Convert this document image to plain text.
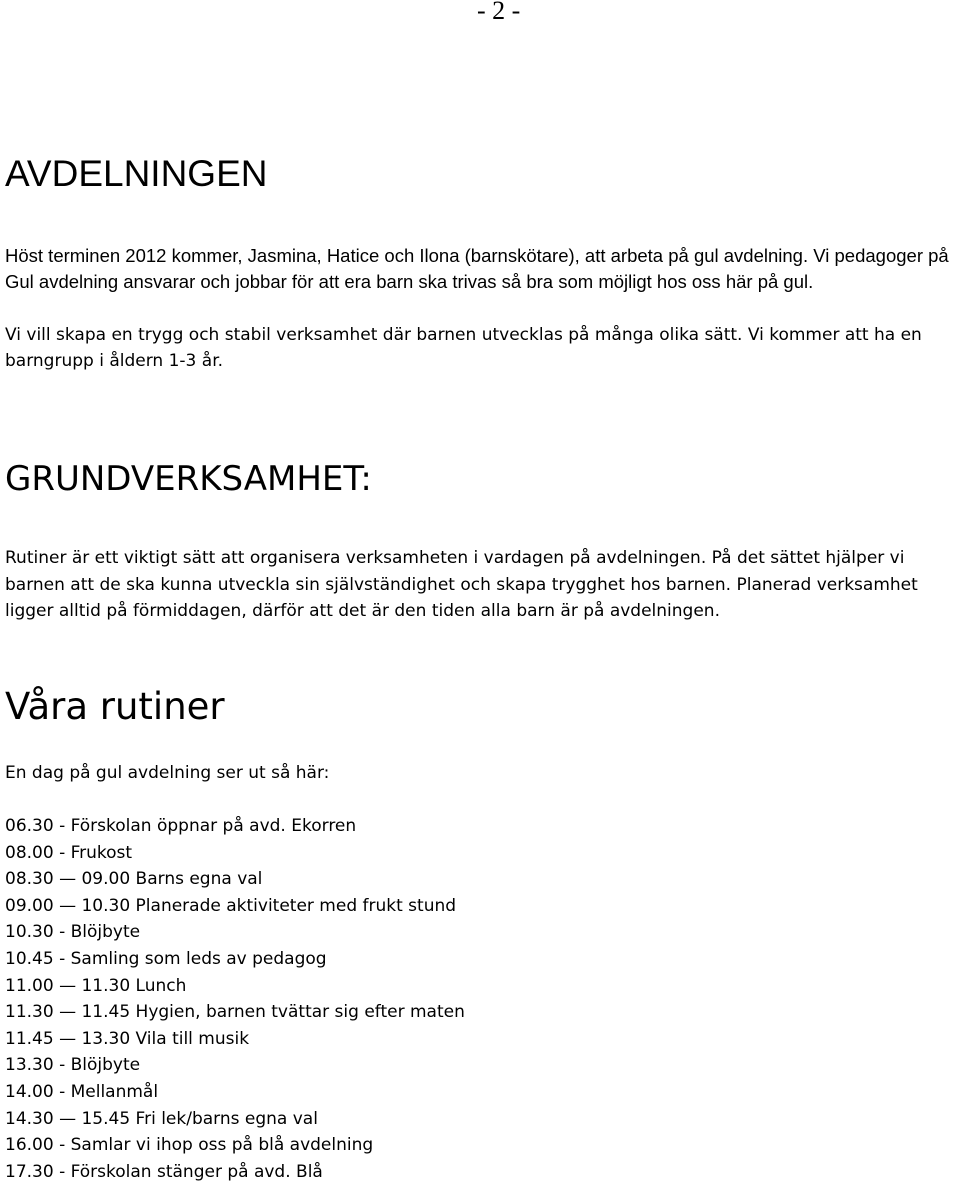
- 2 -
AVDELNINGEN

Höst terminen 2012 kommer, Jasmina, Hatice och Ilona (barnskötare), att arbeta på gul avdelning. Vi pedagoger på Gul avdelning ansvarar och jobbar för att era barn ska trivas så bra som möjligt hos oss här på gul.

Vi vill skapa en trygg och stabil verksamhet där barnen utvecklas på många olika sätt. Vi kommer att ha en barngrupp i åldern 1-3 år.

GRUNDVERKSAMHET:

Rutiner är ett viktigt sätt att organisera verksamheten i vardagen på avdelningen. På det sättet hjälper vi barnen att de ska kunna utveckla sin självständighet och skapa trygghet hos barnen. Planerad verksamhet ligger alltid på förmiddagen, därför att det är den tiden alla barn är på avdelningen.

Våra rutiner

En dag på gul avdelning ser ut så här:

06.30 - Förskolan öppnar på avd. Ekorren
08.00 - Frukost
08.30 — 09.00 Barns egna val
09.00 — 10.30 Planerade aktiviteter med frukt stund
10.30 - Blöjbyte
10.45 - Samling som leds av pedagog
11.00 — 11.30 Lunch
11.30 — 11.45 Hygien, barnen tvättar sig efter maten
11.45 — 13.30 Vila till musik
13.30 - Blöjbyte
14.00 - Mellanmål
14.30 — 15.45 Fri lek/barns egna val
16.00 - Samlar vi ihop oss på blå avdelning
17.30 - Förskolan stänger på avd. Blå
